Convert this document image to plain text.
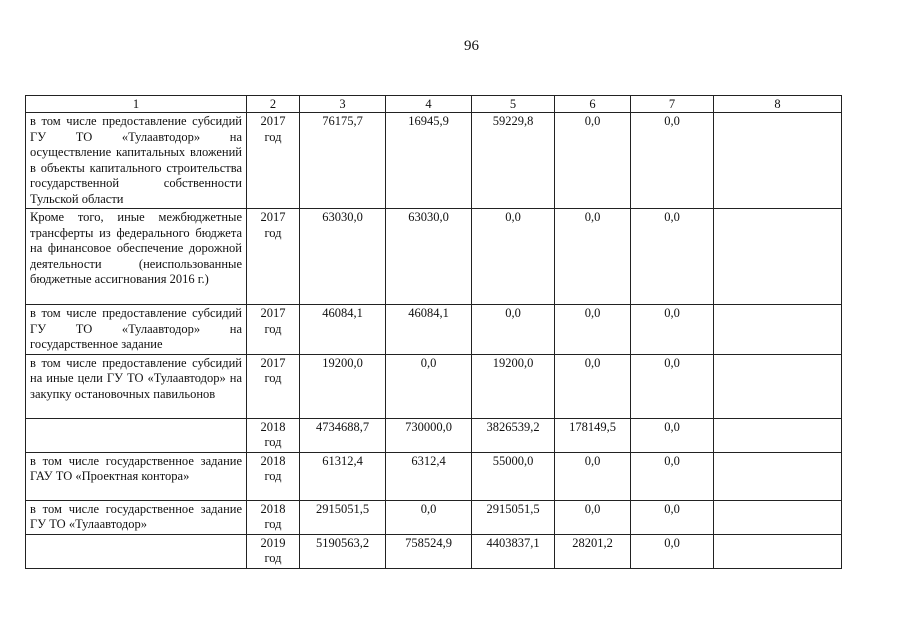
96
1	2	3	4	5	6	7	8
в том числе предоставление субсидий ГУ ТО «Тулаавтодор» на осуществление капитальных вложений в объекты капитального строительства государственной собственности Тульской области	2017 год	76175,7	16945,9	59229,8	0,0	0,0	
Кроме того, иные межбюджетные трансферты из федерального бюджета на финансовое обеспечение дорожной деятельности (неиспользованные бюджетные ассигнования 2016 г.)	2017 год	63030,0	63030,0	0,0	0,0	0,0	
в том числе предоставление субсидий ГУ ТО «Тулаавтодор» на государственное задание	2017 год	46084,1	46084,1	0,0	0,0	0,0	
в том числе предоставление субсидий на иные цели ГУ ТО «Тулаавтодор» на закупку остановочных павильонов	2017 год	19200,0	0,0	19200,0	0,0	0,0	
	2018 год	4734688,7	730000,0	3826539,2	178149,5	0,0	
в том числе государственное задание ГАУ ТО «Проектная контора»	2018 год	61312,4	6312,4	55000,0	0,0	0,0	
в том числе государственное задание ГУ ТО «Тулаавтодор»	2018 год	2915051,5	0,0	2915051,5	0,0	0,0	
	2019 год	5190563,2	758524,9	4403837,1	28201,2	0,0	
